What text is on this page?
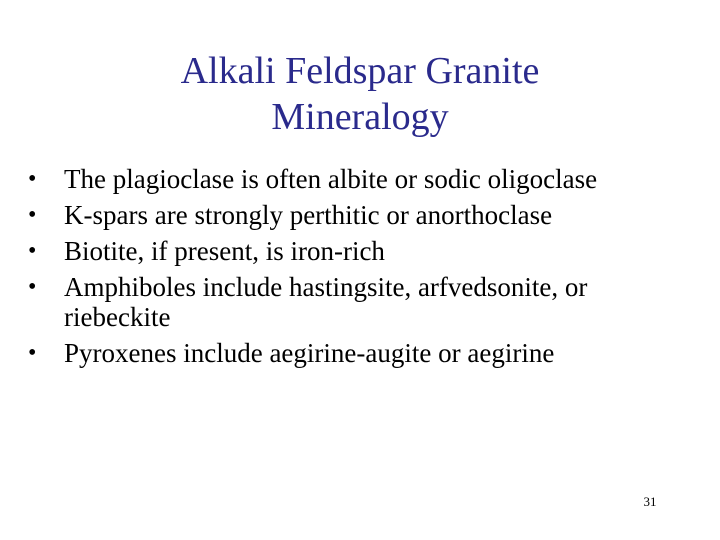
Alkali Feldspar Granite
Mineralogy
• The plagioclase is often albite or sodic oligoclase
• K-spars are strongly perthitic or anorthoclase
• Biotite, if present, is iron-rich
• Amphiboles include hastingsite, arfvedsonite, or riebeckite
• Pyroxenes include aegirine-augite or aegirine
31
